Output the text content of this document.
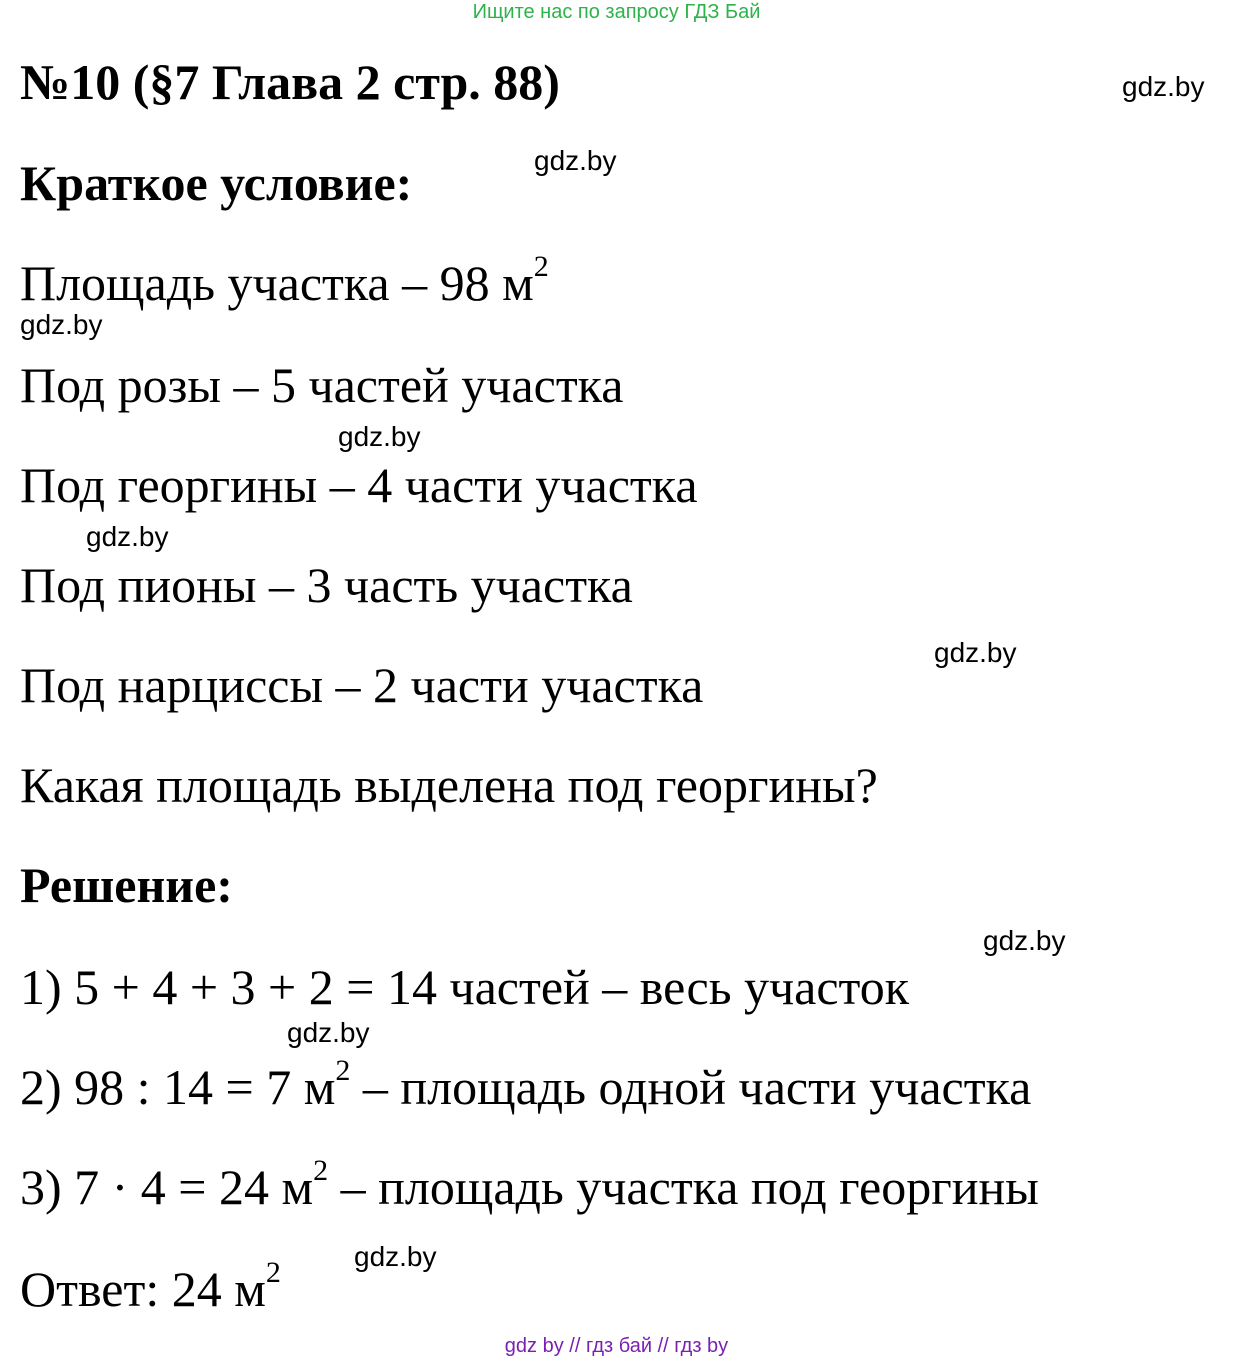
Ищите нас по запросу ГДЗ Бай
№10 (§7 Глава 2 стр. 88)	gdz.by
Краткое условие:	gdz.by
Площадь участка – 98 $м^2$
gdz.by
Под розы – 5 частей участка
gdz.by
Под георгины – 4 части участка
gdz.by
Под пионы – 3 часть участка
gdz.by
Под нарциссы – 2 части участка
Какая площадь выделена под георгины?
Решение:
gdz.by
1) 5 + 4 + 3 + 2 = 14 частей – весь участок
gdz.by
2) 98 : 14 = 7 $м^2$ – площадь одной части участка
3) 7 · 4 = 24 $м^2$ – площадь участка под георгины
gdz.by
Ответ: 24 $м^2$
gdz by // гдз бай // гдз by
